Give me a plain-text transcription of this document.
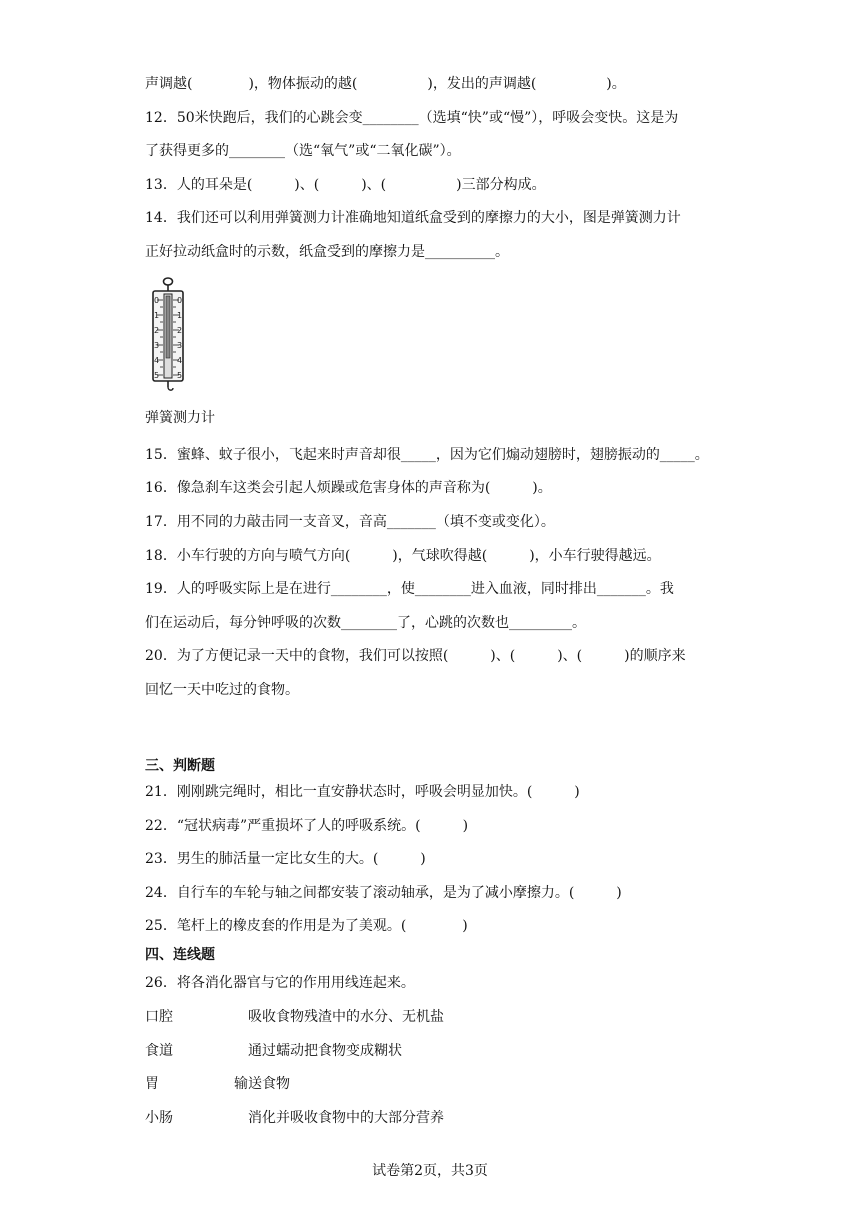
声调越(　　　　)，物体振动的越(　　　　　)，发出的声调越(　　　　　)。
12．50米快跑后，我们的心跳会变________（选填“快”或“慢”），呼吸会变快。这是为
了获得更多的________（选“氧气”或“二氧化碳”）。
13．人的耳朵是(　　　)、(　　　)、(　　　　　)三部分构成。
14．我们还可以利用弹簧测力计准确地知道纸盒受到的摩擦力的大小，图是弹簧测力计
正好拉动纸盒时的示数，纸盒受到的摩擦力是__________。
0
1
2
3
4
5
0
1
2
3
4
5
弹簧测力计
15．蜜蜂、蚊子很小，飞起来时声音却很_____，因为它们煽动翅膀时，翅膀振动的_____。
16．像急刹车这类会引起人烦躁或危害身体的声音称为(　　　)。
17．用不同的力敲击同一支音叉，音高_______（填不变或变化）。
18．小车行驶的方向与喷气方向(　　　)，气球吹得越(　　　)，小车行驶得越远。
19．人的呼吸实际上是在进行________，使________进入血液，同时排出_______。我
们在运动后，每分钟呼吸的次数________了，心跳的次数也_________。
20．为了方便记录一天中的食物，我们可以按照(　　　)、(　　　)、(　　　)的顺序来
回忆一天中吃过的食物。
三、判断题
21．刚刚跳完绳时，相比一直安静状态时，呼吸会明显加快。(　　　)
22．“冠状病毒”严重损坏了人的呼吸系统。(　　　)
23．男生的肺活量一定比女生的大。(　　　)
24．自行车的车轮与轴之间都安装了滚动轴承，是为了减小摩擦力。(　　　)
25．笔杆上的橡皮套的作用是为了美观。(　　　　)
四、连线题
26．将各消化器官与它的作用用线连起来。
口腔	吸收食物残渣中的水分、无机盐
食道	通过蠕动把食物变成糊状
胃	输送食物
小肠	消化并吸收食物中的大部分营养
试卷第2页，共3页
